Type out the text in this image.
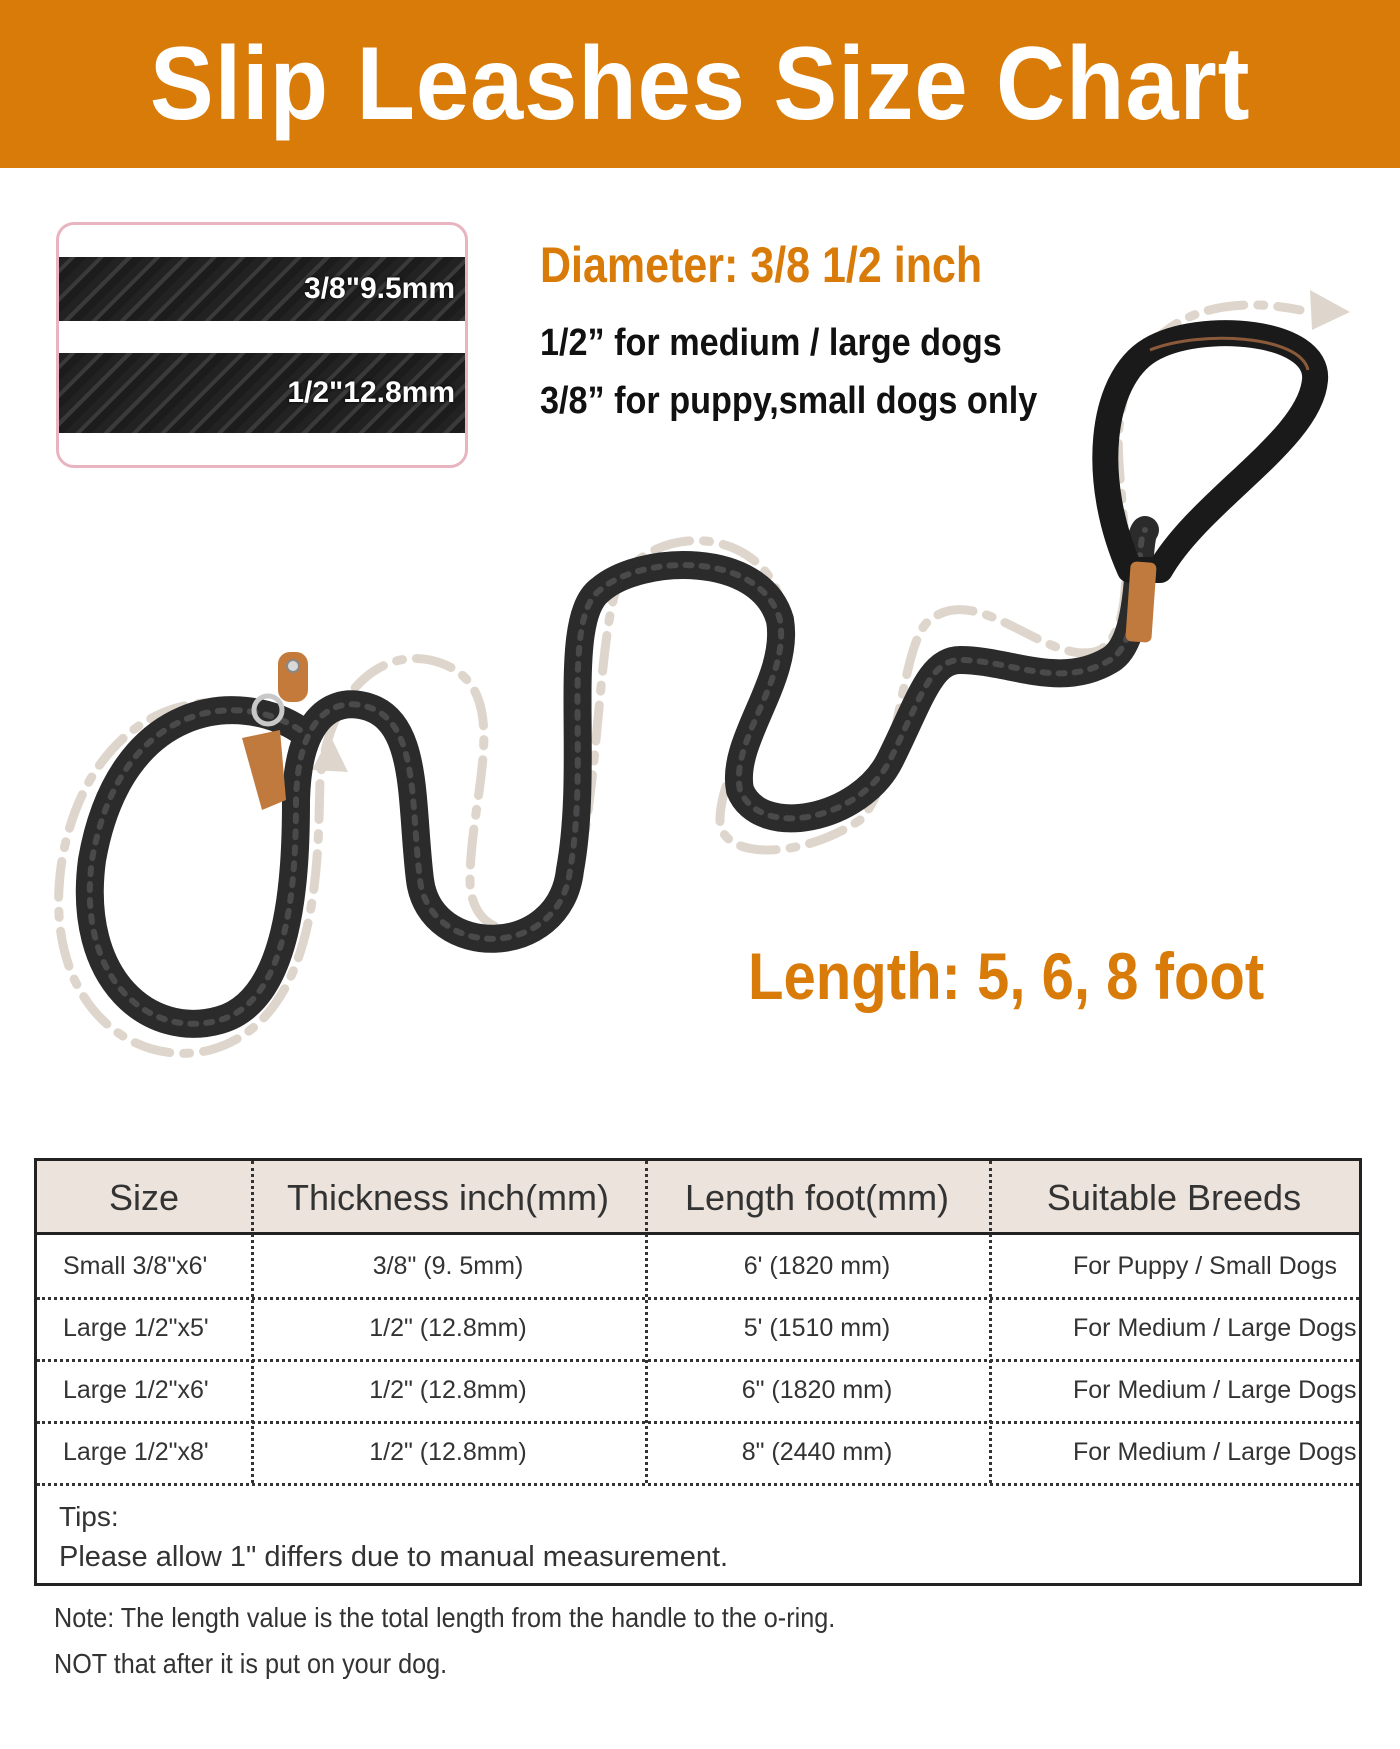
Slip Leashes Size Chart
3/8"9.5mm
1/2"12.8mm
Diameter: 3/8 1/2 inch
1/2” for medium / large dogs
3/8” for puppy,small dogs only
Length: 5, 6, 8 foot
Size	Thickness inch(mm)	Length foot(mm)	Suitable Breeds
Small 3/8"x6'	3/8" (9. 5mm)	6' (1820 mm)	For Puppy / Small Dogs
Large 1/2"x5'	1/2" (12.8mm)	5' (1510 mm)	For Medium / Large Dogs
Large 1/2"x6'	1/2" (12.8mm)	6" (1820 mm)	For Medium / Large Dogs
Large 1/2"x8'	1/2" (12.8mm)	8" (2440 mm)	For Medium / Large Dogs
Tips:
Please allow 1" differs due to manual measurement.
Note: The length value is the total length from the handle to the o-ring.
NOT that after it is put on your dog.
